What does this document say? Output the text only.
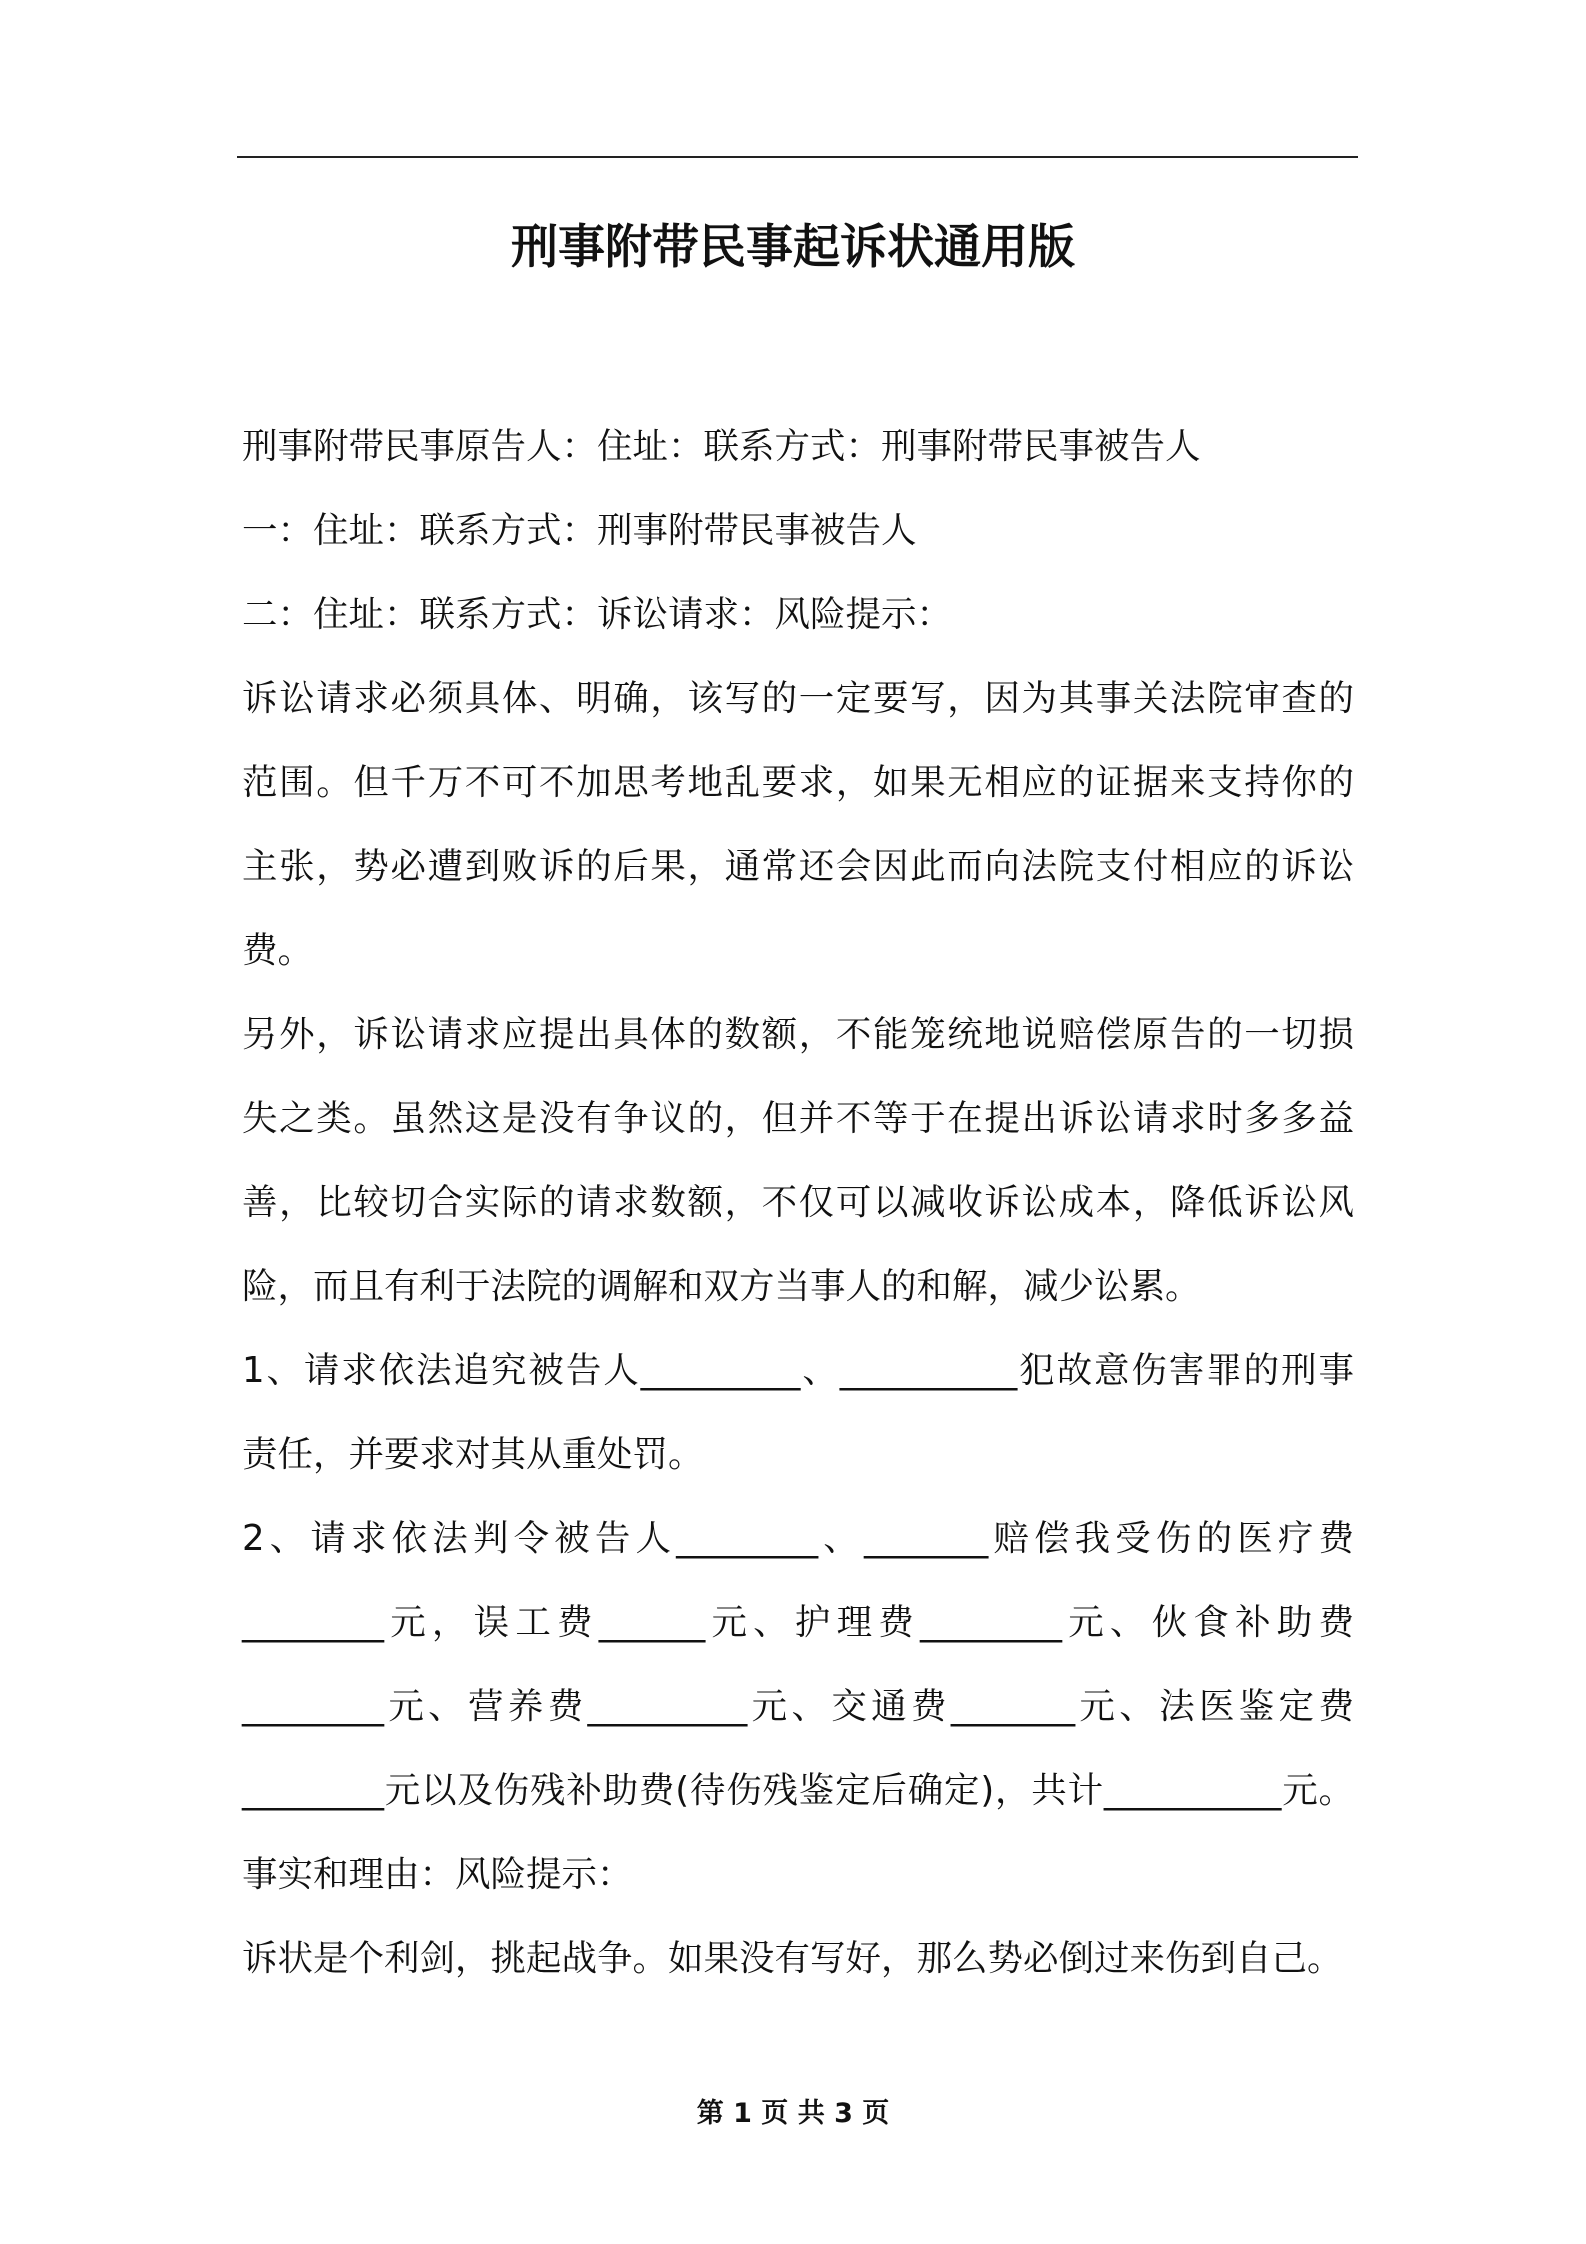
刑事附带民事起诉状通用版
刑事附带民事原告人：住址：联系方式：刑事附带民事被告人
一：住址：联系方式：刑事附带民事被告人
二：住址：联系方式：诉讼请求：风险提示：
诉讼请求必须具体、明确，该写的一定要写，因为其事关法院审查的
范围。但千万不可不加思考地乱要求，如果无相应的证据来支持你的
主张，势必遭到败诉的后果，通常还会因此而向法院支付相应的诉讼
费。
另外，诉讼请求应提出具体的数额，不能笼统地说赔偿原告的一切损
失之类。虽然这是没有争议的，但并不等于在提出诉讼请求时多多益
善，比较切合实际的请求数额，不仅可以减收诉讼成本，降低诉讼风
险，而且有利于法院的调解和双方当事人的和解，减少讼累。
1、请求依法追究被告人_________、__________犯故意伤害罪的刑事
责任，并要求对其从重处罚。
2、请求依法判令被告人________、_______赔偿我受伤的医疗费
________元，误工费______元、护理费________元、伙食补助费
________元、营养费_________元、交通费_______元、法医鉴定费
________元以及伤残补助费(待伤残鉴定后确定)，共计__________元。
事实和理由：风险提示：
诉状是个利剑，挑起战争。如果没有写好，那么势必倒过来伤到自己。
第 1 页 共 3 页
